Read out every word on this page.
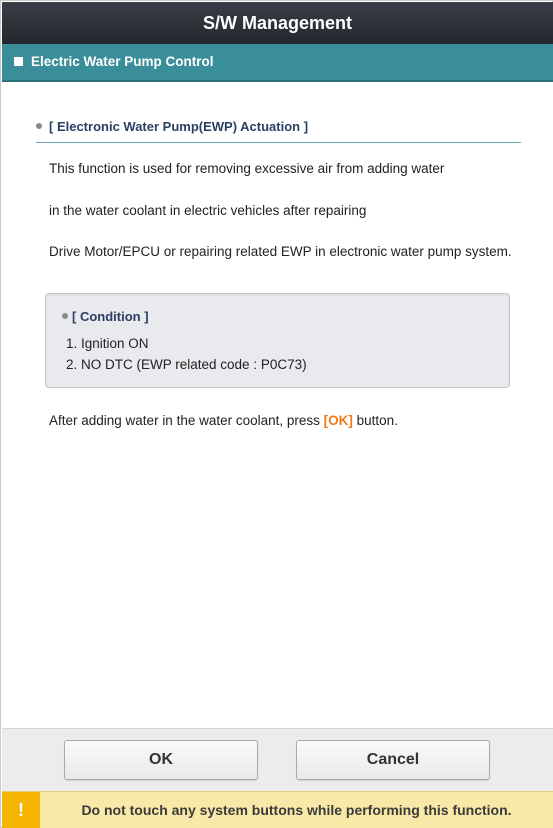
S/W Management
Electric Water Pump Control
[ Electronic Water Pump(EWP) Actuation ]
This function is used for removing excessive air from adding water
in the water coolant in electric vehicles after repairing
Drive Motor/EPCU or repairing related EWP in electronic water pump system.
[ Condition ]
1. Ignition ON
2. NO DTC (EWP related code : P0C73)
After adding water in the water coolant, press [OK] button.
OK	Cancel
!	Do not touch any system buttons while performing this function.
